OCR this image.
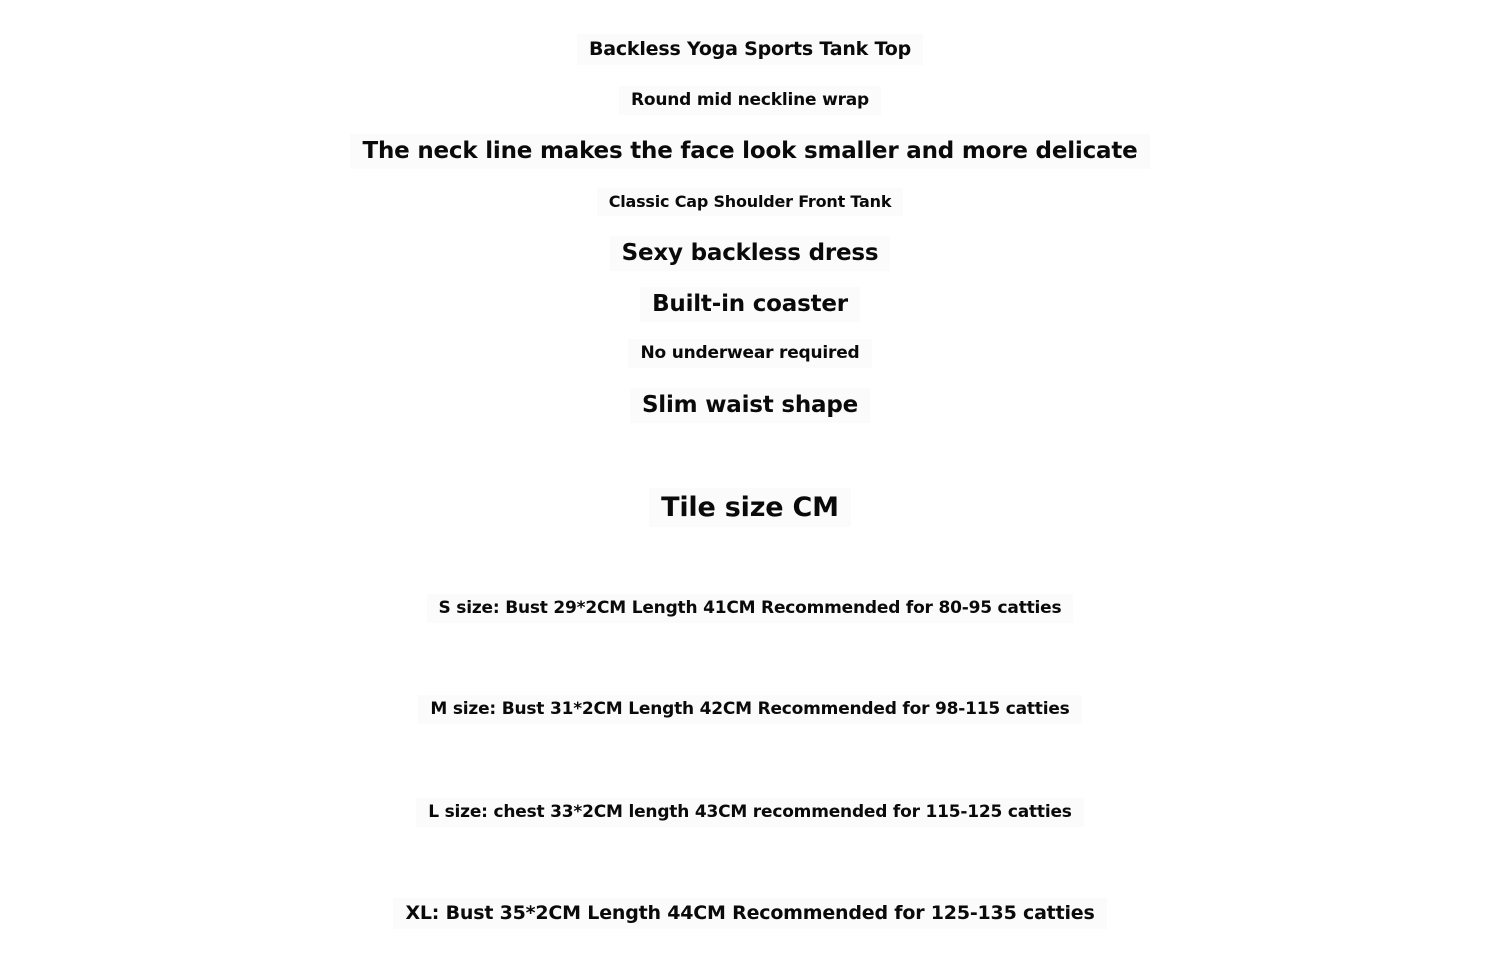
Backless Yoga Sports Tank Top
Round mid neckline wrap
The neck line makes the face look smaller and more delicate
Classic Cap Shoulder Front Tank
Sexy backless dress
Built-in coaster
No underwear required
Slim waist shape
Tile size CM
S size: Bust 29*2CM Length 41CM Recommended for 80-95 catties
M size: Bust 31*2CM Length 42CM Recommended for 98-115 catties
L size: chest 33*2CM length 43CM recommended for 115-125 catties
XL: Bust 35*2CM Length 44CM Recommended for 125-135 catties
